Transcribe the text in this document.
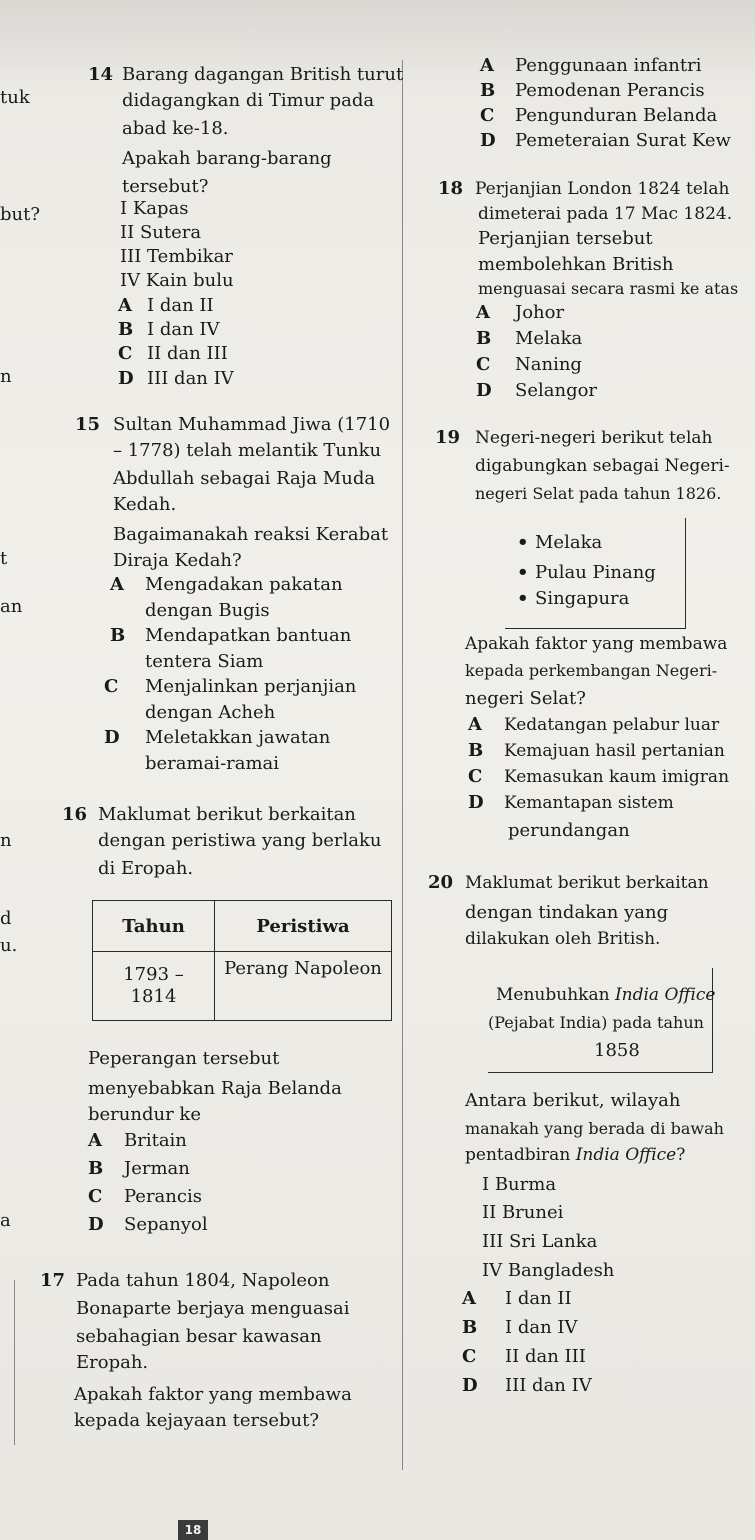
tuk
but?
n
t
an
n
d
u.
a
14 Barang dagangan British turut
didagangkan di Timur pada
abad ke-18.
Apakah barang-barang
tersebut?
I Kapas
II Sutera
III Tembikar
IV Kain bulu
A I dan II
B I dan IV
C II dan III
D III dan IV
15 Sultan Muhammad Jiwa (1710
– 1778) telah melantik Tunku
Abdullah sebagai Raja Muda
Kedah.
Bagaimanakah reaksi Kerabat
Diraja Kedah?
A Mengadakan pakatan
dengan Bugis
B Mendapatkan bantuan
tentera Siam
C Menjalinkan perjanjian
dengan Acheh
D Meletakkan jawatan
beramai-ramai
16 Maklumat berikut berkaitan
dengan peristiwa yang berlaku
di Eropah.
Tahun	Peristiwa

1793 –
1814	Perang Napoleon
Peperangan tersebut
menyebabkan Raja Belanda
berundur ke
A Britain
B Jerman
C Perancis
D Sepanyol
17 Pada tahun 1804, Napoleon
Bonaparte berjaya menguasai
sebahagian besar kawasan
Eropah.
Apakah faktor yang membawa
kepada kejayaan tersebut?
A Penggunaan infantri
B Pemodenan Perancis
C Pengunduran Belanda
D Pemeteraian Surat Kew
18 Perjanjian London 1824 telah
dimeterai pada 17 Mac 1824.
Perjanjian tersebut
membolehkan British
menguasai secara rasmi ke atas
A Johor
B Melaka
C Naning
D Selangor
19 Negeri-negeri berikut telah
digabungkan sebagai Negeri-
negeri Selat pada tahun 1826.
• Melaka
• Pulau Pinang
• Singapura
Apakah faktor yang membawa
kepada perkembangan Negeri-
negeri Selat?
A Kedatangan pelabur luar
B Kemajuan hasil pertanian
C Kemasukan kaum imigran
D Kemantapan sistem
perundangan
20 Maklumat berikut berkaitan
dengan tindakan yang
dilakukan oleh British.
Menubuhkan India Office
(Pejabat India) pada tahun
1858
Antara berikut, wilayah
manakah yang berada di bawah
pentadbiran India Office?
I Burma
II Brunei
III Sri Lanka
IV Bangladesh
A I dan II
B I dan IV
C II dan III
D III dan IV
18
